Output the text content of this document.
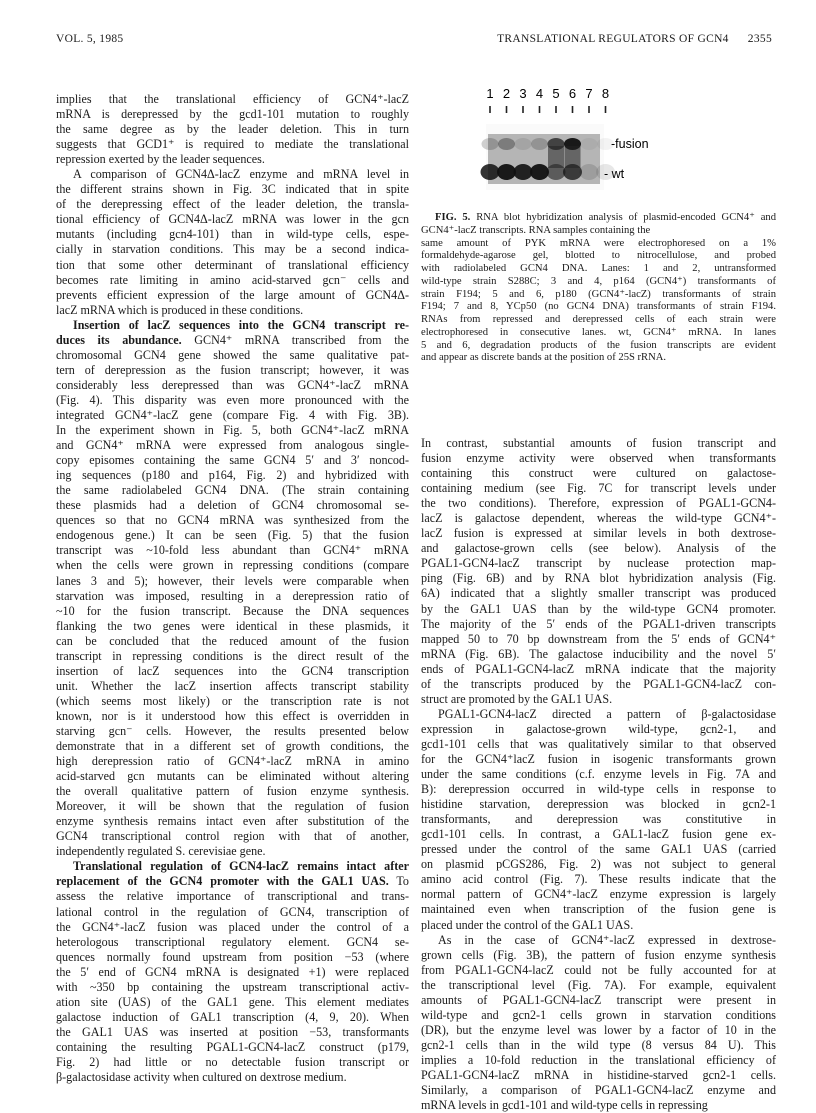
VOL. 5, 1985	TRANSLATIONAL REGULATORS OF GCN4 2355
1 2 3 4 5 6 7 8
-fusion
- wt

FIG. 5. RNA blot hybridization analysis of plasmid-encoded GCN4⁺ and GCN4⁺-lacZ transcripts. RNA samples containing the

same amount of PYK mRNA were electrophoresed on a 1%
formaldehyde-agarose gel, blotted to nitrocellulose, and probed
with radiolabeled GCN4 DNA. Lanes: 1 and 2, untransformed
wild-type strain S288C; 3 and 4, p164 (GCN4⁺) transformants of
strain F194; 5 and 6, p180 (GCN4⁺-lacZ) transformants of strain
F194; 7 and 8, YCp50 (no GCN4 DNA) transformants of strain F194.
RNAs from repressed and derepressed cells of each strain were
electrophoresed in consecutive lanes. wt, GCN4⁺ mRNA. In lanes
5 and 6, degradation products of the fusion transcripts are evident
and appear as discrete bands at the position of 25S rRNA.
implies that the translational efficiency of GCN4⁺-lacZ
mRNA is derepressed by the gcd1-101 mutation to roughly
the same degree as by the leader deletion. This in turn
suggests that GCD1⁺ is required to mediate the translational
repression exerted by the leader sequences.
A comparison of GCN4Δ-lacZ enzyme and mRNA level in
the different strains shown in Fig. 3C indicated that in spite
of the derepressing effect of the leader deletion, the transla-
tional efficiency of GCN4Δ-lacZ mRNA was lower in the gcn
mutants (including gcn4-101) than in wild-type cells, espe-
cially in starvation conditions. This may be a second indica-
tion that some other determinant of translational efficiency
becomes rate limiting in amino acid-starved gcn⁻ cells and
prevents efficient expression of the large amount of GCN4Δ-
lacZ mRNA which is produced in these conditions.
Insertion of lacZ sequences into the GCN4 transcript re-
duces its abundance. GCN4⁺ mRNA transcribed from the
chromosomal GCN4 gene showed the same qualitative pat-
tern of derepression as the fusion transcript; however, it was
considerably less derepressed than was GCN4⁺-lacZ mRNA
(Fig. 4). This disparity was even more pronounced with the
integrated GCN4⁺-lacZ gene (compare Fig. 4 with Fig. 3B).
In the experiment shown in Fig. 5, both GCN4⁺-lacZ mRNA
and GCN4⁺ mRNA were expressed from analogous single-
copy episomes containing the same GCN4 5′ and 3′ noncod-
ing sequences (p180 and p164, Fig. 2) and hybridized with
the same radiolabeled GCN4 DNA. (The strain containing
these plasmids had a deletion of GCN4 chromosomal se-
quences so that no GCN4 mRNA was synthesized from the
endogenous gene.) It can be seen (Fig. 5) that the fusion
transcript was ~10-fold less abundant than GCN4⁺ mRNA
when the cells were grown in repressing conditions (compare
lanes 3 and 5); however, their levels were comparable when
starvation was imposed, resulting in a derepression ratio of
~10 for the fusion transcript. Because the DNA sequences
flanking the two genes were identical in these plasmids, it
can be concluded that the reduced amount of the fusion
transcript in repressing conditions is the direct result of the
insertion of lacZ sequences into the GCN4 transcription
unit. Whether the lacZ insertion affects transcript stability
(which seems most likely) or the transcription rate is not
known, nor is it understood how this effect is overridden in
starving gcn⁻ cells. However, the results presented below
demonstrate that in a different set of growth conditions, the
high derepression ratio of GCN4⁺-lacZ mRNA in amino
acid-starved gcn mutants can be eliminated without altering
the overall qualitative pattern of fusion enzyme synthesis.
Moreover, it will be shown that the regulation of fusion
enzyme synthesis remains intact even after substitution of the
GCN4 transcriptional control region with that of another,
independently regulated S. cerevisiae gene.
Translational regulation of GCN4-lacZ remains intact after
replacement of the GCN4 promoter with the GAL1 UAS. To
assess the relative importance of transcriptional and trans-
lational control in the regulation of GCN4, transcription of
the GCN4⁺-lacZ fusion was placed under the control of a
heterologous transcriptional regulatory element. GCN4 se-
quences normally found upstream from position −53 (where
the 5′ end of GCN4 mRNA is designated +1) were replaced
with ~350 bp containing the upstream transcriptional activ-
ation site (UAS) of the GAL1 gene. This element mediates
galactose induction of GAL1 transcription (4, 9, 20). When
the GAL1 UAS was inserted at position −53, transformants
containing the resulting PGAL1-GCN4-lacZ construct (p179,
Fig. 2) had little or no detectable fusion transcript or
β-galactosidase activity when cultured on dextrose medium.
In contrast, substantial amounts of fusion transcript and
fusion enzyme activity were observed when transformants
containing this construct were cultured on galactose-
containing medium (see Fig. 7C for transcript levels under
the two conditions). Therefore, expression of PGAL1-GCN4-
lacZ is galactose dependent, whereas the wild-type GCN4⁺-
lacZ fusion is expressed at similar levels in both dextrose-
and galactose-grown cells (see below). Analysis of the
PGAL1-GCN4-lacZ transcript by nuclease protection map-
ping (Fig. 6B) and by RNA blot hybridization analysis (Fig.
6A) indicated that a slightly smaller transcript was produced
by the GAL1 UAS than by the wild-type GCN4 promoter.
The majority of the 5′ ends of the PGAL1-driven transcripts
mapped 50 to 70 bp downstream from the 5′ ends of GCN4⁺
mRNA (Fig. 6B). The galactose inducibility and the novel 5′
ends of PGAL1-GCN4-lacZ mRNA indicate that the majority
of the transcripts produced by the PGAL1-GCN4-lacZ con-
struct are promoted by the GAL1 UAS.
PGAL1-GCN4-lacZ directed a pattern of β-galactosidase
expression in galactose-grown wild-type, gcn2-1, and
gcd1-101 cells that was qualitatively similar to that observed
for the GCN4⁺lacZ fusion in isogenic transformants grown
under the same conditions (c.f. enzyme levels in Fig. 7A and
B): derepression occurred in wild-type cells in response to
histidine starvation, derepression was blocked in gcn2-1
transformants, and derepression was constitutive in
gcd1-101 cells. In contrast, a GAL1-lacZ fusion gene ex-
pressed under the control of the same GAL1 UAS (carried
on plasmid pCGS286, Fig. 2) was not subject to general
amino acid control (Fig. 7). These results indicate that the
normal pattern of GCN4⁺-lacZ enzyme expression is largely
maintained even when transcription of the fusion gene is
placed under the control of the GAL1 UAS.
As in the case of GCN4⁺-lacZ expressed in dextrose-
grown cells (Fig. 3B), the pattern of fusion enzyme synthesis
from PGAL1-GCN4-lacZ could not be fully accounted for at
the transcriptional level (Fig. 7A). For example, equivalent
amounts of PGAL1-GCN4-lacZ transcript were present in
wild-type and gcn2-1 cells grown in starvation conditions
(DR), but the enzyme level was lower by a factor of 10 in the
gcn2-1 cells than in the wild type (8 versus 84 U). This
implies a 10-fold reduction in the translational efficiency of
PGAL1-GCN4-lacZ mRNA in histidine-starved gcn2-1 cells.
Similarly, a comparison of PGAL1-GCN4-lacZ enzyme and
mRNA levels in gcd1-101 and wild-type cells in repressing
